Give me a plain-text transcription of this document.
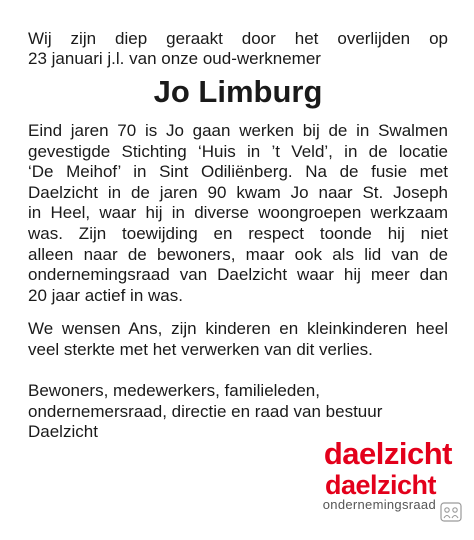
Wij zijn diep geraakt door het overlijden op
23 januari j.l. van onze oud-werknemer

Jo Limburg

Eind jaren 70 is Jo gaan werken bij de in Swalmen
gevestigde Stichting ‘Huis in ’t Veld’, in de locatie
‘De Meihof’ in Sint Odiliënberg. Na de fusie met
Daelzicht in de jaren 90 kwam Jo naar St. Joseph
in Heel, waar hij in diverse woongroepen werkzaam
was. Zijn toewijding en respect toonde hij niet
alleen naar de bewoners, maar ook als lid van de
ondernemingsraad van Daelzicht waar hij meer dan
20 jaar actief in was.

We wensen Ans, zijn kinderen en kleinkinderen heel
veel sterkte met het verwerken van dit verlies.

Bewoners, medewerkers, familieleden,
ondernemersraad, directie en raad van bestuur
Daelzicht

daelzicht
daelzicht
ondernemingsraad
